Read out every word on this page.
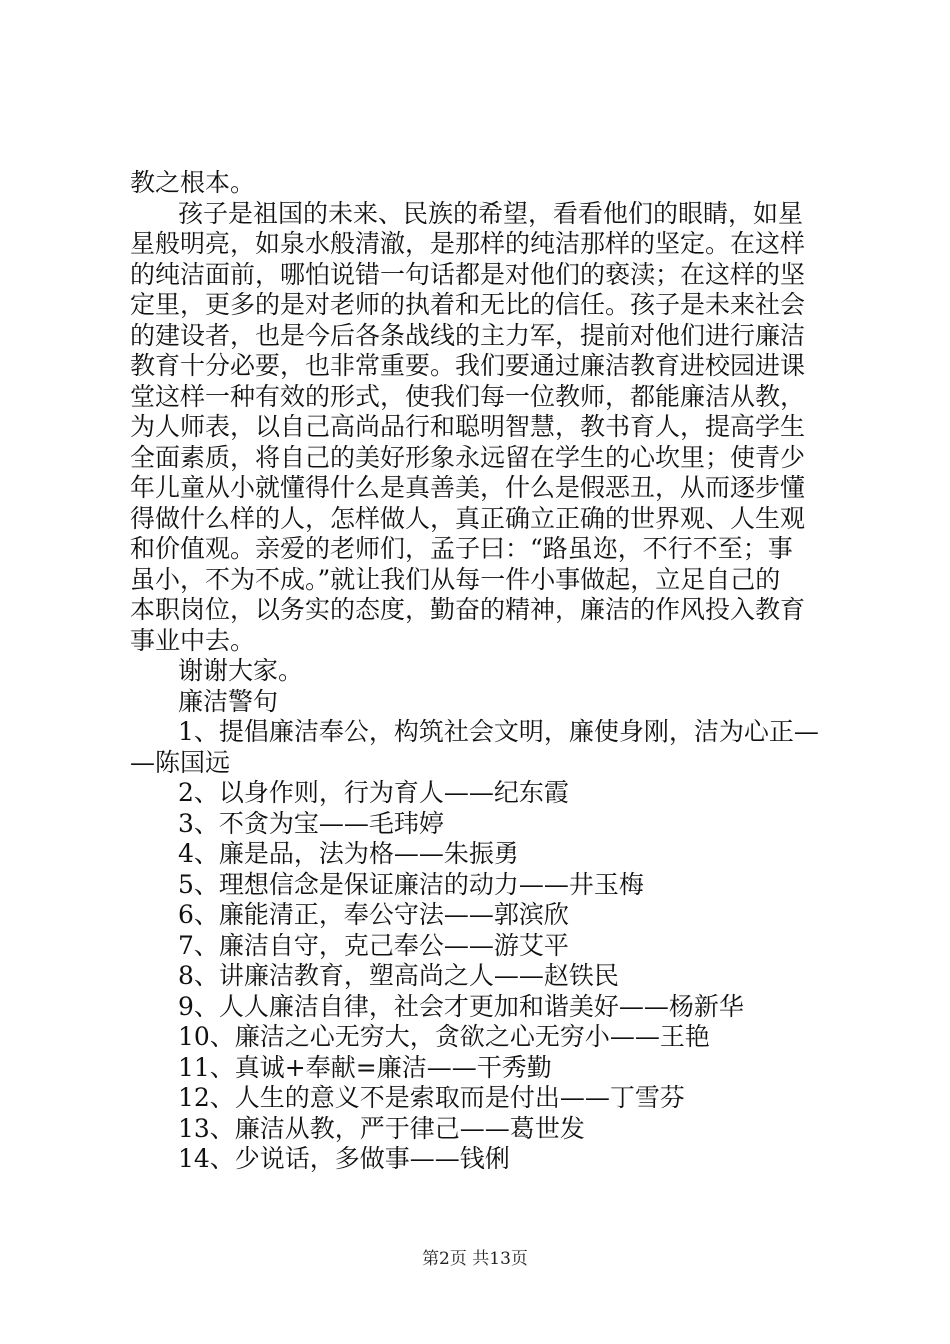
教之根本。
孩子是祖国的未来、民族的希望，看看他们的眼睛，如星
星般明亮，如泉水般清澈，是那样的纯洁那样的坚定。在这样
的纯洁面前，哪怕说错一句话都是对他们的亵渎；在这样的坚
定里，更多的是对老师的执着和无比的信任。孩子是未来社会
的建设者，也是今后各条战线的主力军，提前对他们进行廉洁
教育十分必要，也非常重要。我们要通过廉洁教育进校园进课
堂这样一种有效的形式，使我们每一位教师，都能廉洁从教，
为人师表，以自己高尚品行和聪明智慧，教书育人，提高学生
全面素质，将自己的美好形象永远留在学生的心坎里；使青少
年儿童从小就懂得什么是真善美，什么是假恶丑，从而逐步懂
得做什么样的人，怎样做人，真正确立正确的世界观、人生观
和价值观。亲爱的老师们，孟子曰：“路虽迩，不行不至；事
虽小，不为不成。”就让我们从每一件小事做起，立足自己的
本职岗位，以务实的态度，勤奋的精神，廉洁的作风投入教育
事业中去。
谢谢大家。
廉洁警句
1、提倡廉洁奉公，构筑社会文明，廉使身刚，洁为心正—
—陈国远
2、以身作则，行为育人——纪东霞
3、不贪为宝——毛玮婷
4、廉是品，法为格——朱振勇
5、理想信念是保证廉洁的动力——井玉梅
6、廉能清正，奉公守法——郭滨欣
7、廉洁自守，克己奉公——游艾平
8、讲廉洁教育，塑高尚之人——赵铁民
9、人人廉洁自律，社会才更加和谐美好——杨新华
10、廉洁之心无穷大，贪欲之心无穷小——王艳
11、真诚+奉献=廉洁——干秀勤
12、人生的意义不是索取而是付出——丁雪芬
13、廉洁从教，严于律己——葛世发
14、少说话，多做事——钱俐
第2页 共13页
